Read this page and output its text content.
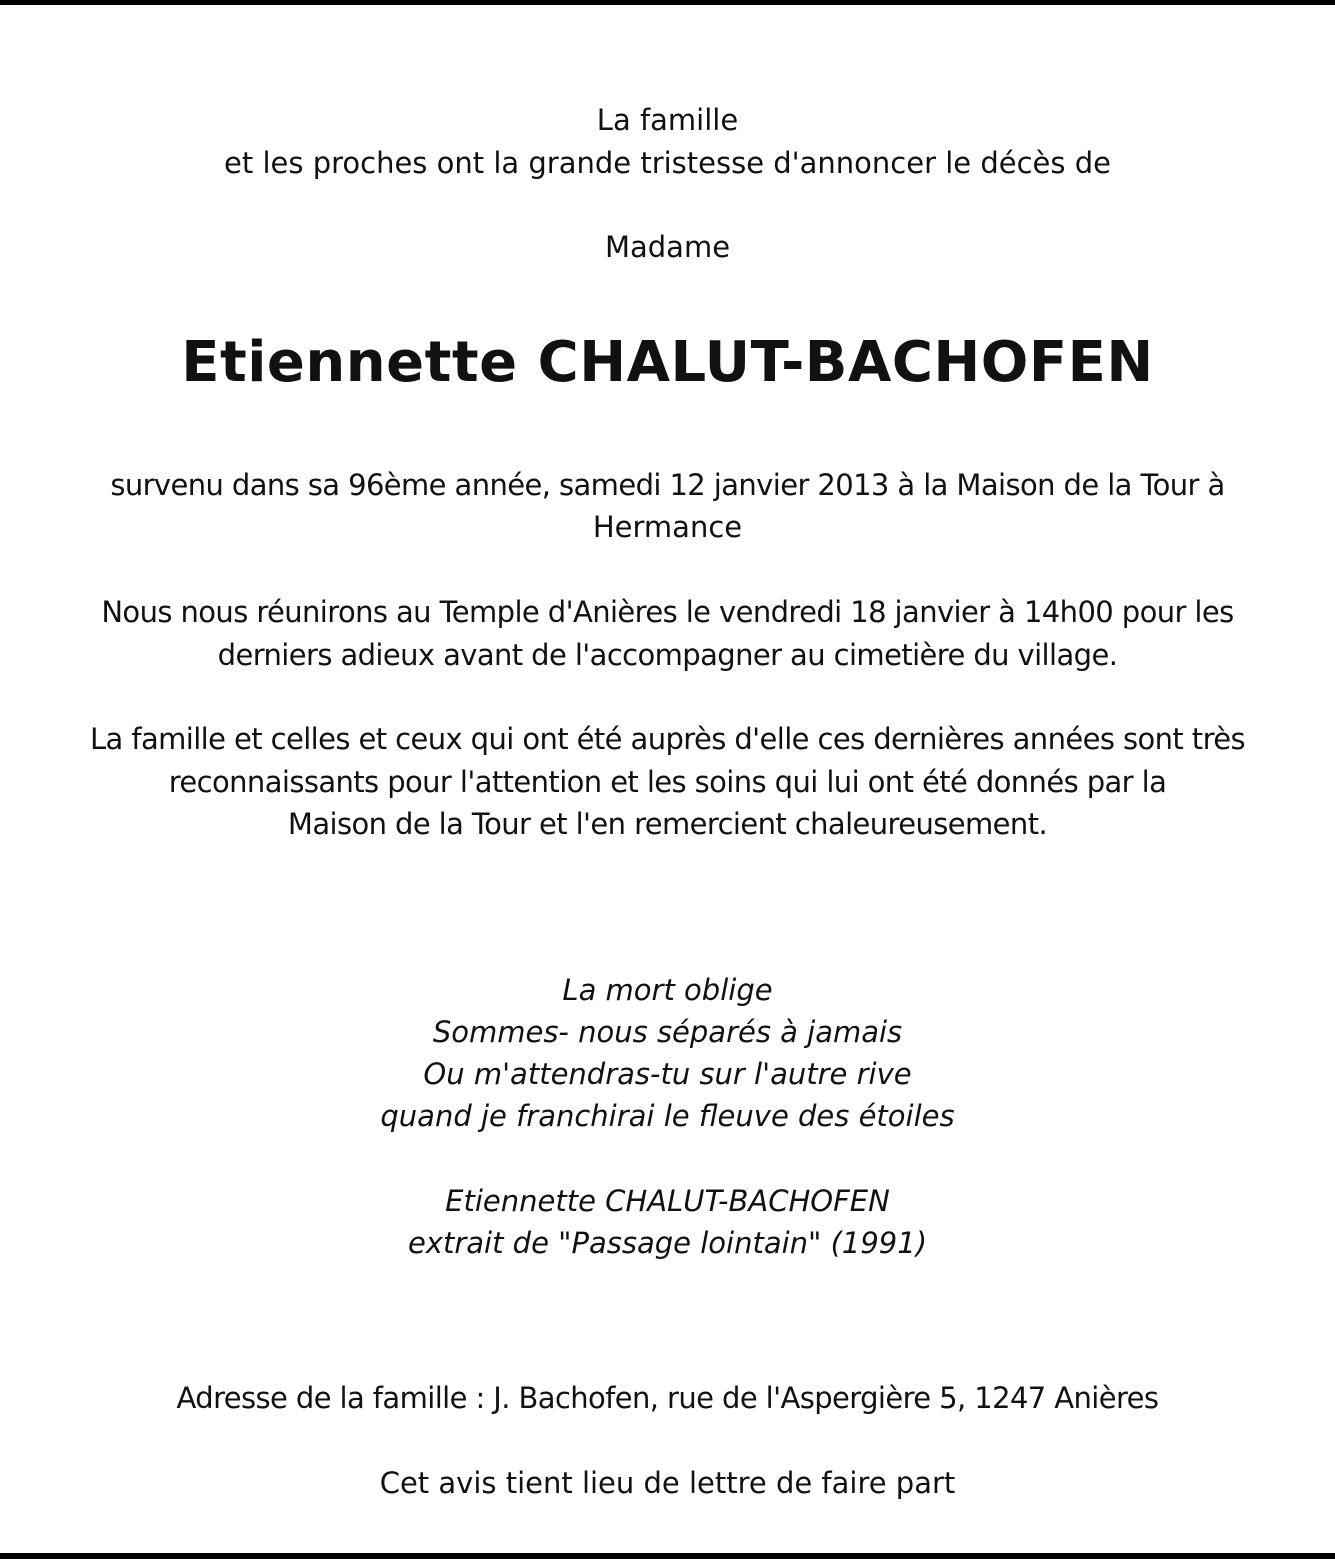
La famille
et les proches ont la grande tristesse d'annoncer le décès de
Madame
Etiennette CHALUT-BACHOFEN
survenu dans sa 96ème année, samedi 12 janvier 2013 à la Maison de la Tour à
Hermance
Nous nous réunirons au Temple d'Anières le vendredi 18 janvier à 14h00 pour les
derniers adieux avant de l'accompagner au cimetière du village.
La famille et celles et ceux qui ont été auprès d'elle ces dernières années sont très
reconnaissants pour l'attention et les soins qui lui ont été donnés par la
Maison de la Tour et l'en remercient chaleureusement.
La mort oblige
Sommes- nous séparés à jamais
Ou m'attendras-tu sur l'autre rive
quand je franchirai le fleuve des étoiles
Etiennette CHALUT-BACHOFEN
extrait de "Passage lointain" (1991)
Adresse de la famille : J. Bachofen, rue de l'Aspergière 5, 1247 Anières
Cet avis tient lieu de lettre de faire part
